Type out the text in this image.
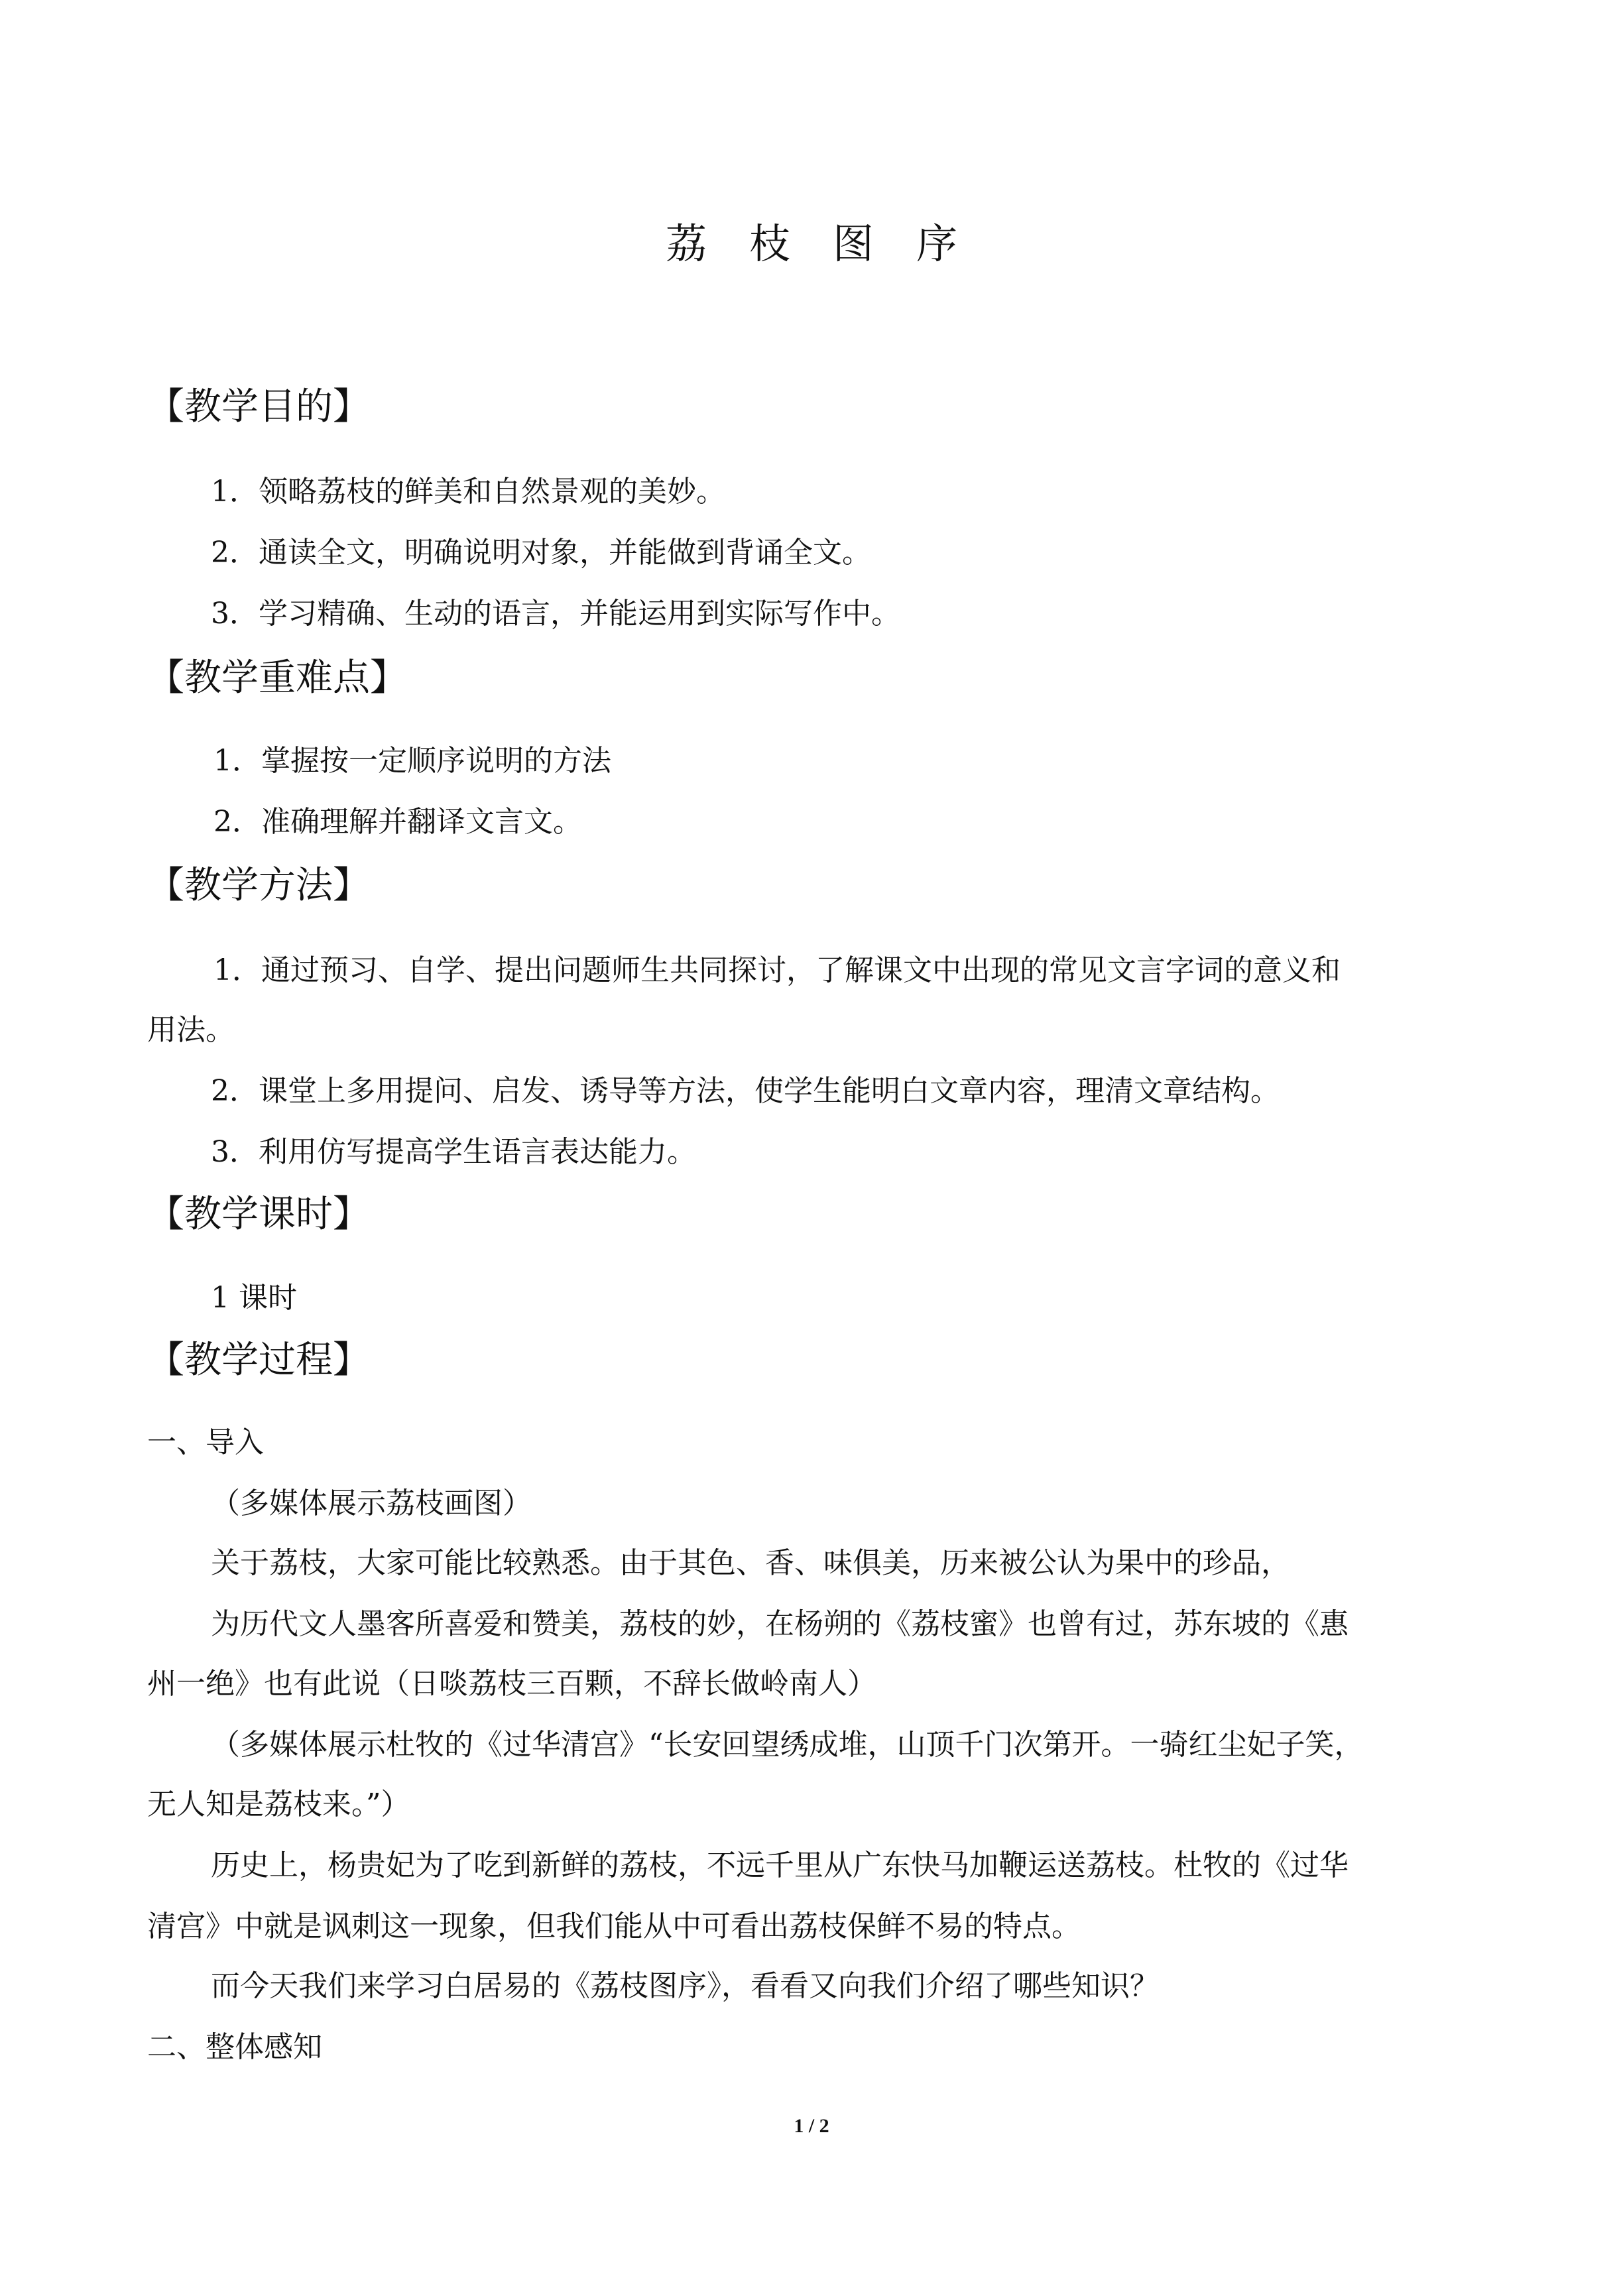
荔 枝 图 序
【教学目的】
1．领略荔枝的鲜美和自然景观的美妙。
2．通读全文，明确说明对象，并能做到背诵全文。
3．学习精确、生动的语言，并能运用到实际写作中。
【教学重难点】
1．掌握按一定顺序说明的方法
2．准确理解并翻译文言文。
【教学方法】
1．通过预习、自学、提出问题师生共同探讨，了解课文中出现的常见文言字词的意义和
用法。
2．课堂上多用提问、启发、诱导等方法，使学生能明白文章内容，理清文章结构。
3．利用仿写提高学生语言表达能力。
【教学课时】
1 课时
【教学过程】
一、导入
（多媒体展示荔枝画图）
关于荔枝，大家可能比较熟悉。由于其色、香、味俱美，历来被公认为果中的珍品，
为历代文人墨客所喜爱和赞美，荔枝的妙，在杨朔的《荔枝蜜》也曾有过，苏东坡的《惠
州一绝》也有此说（日啖荔枝三百颗，不辞长做岭南人）
（多媒体展示杜牧的《过华清宫》“长安回望绣成堆，山顶千门次第开。一骑红尘妃子笑，
无人知是荔枝来。”）
历史上，杨贵妃为了吃到新鲜的荔枝，不远千里从广东快马加鞭运送荔枝。杜牧的《过华
清宫》中就是讽刺这一现象，但我们能从中可看出荔枝保鲜不易的特点。
而今天我们来学习白居易的《荔枝图序》，看看又向我们介绍了哪些知识？
二、整体感知
1 / 2
